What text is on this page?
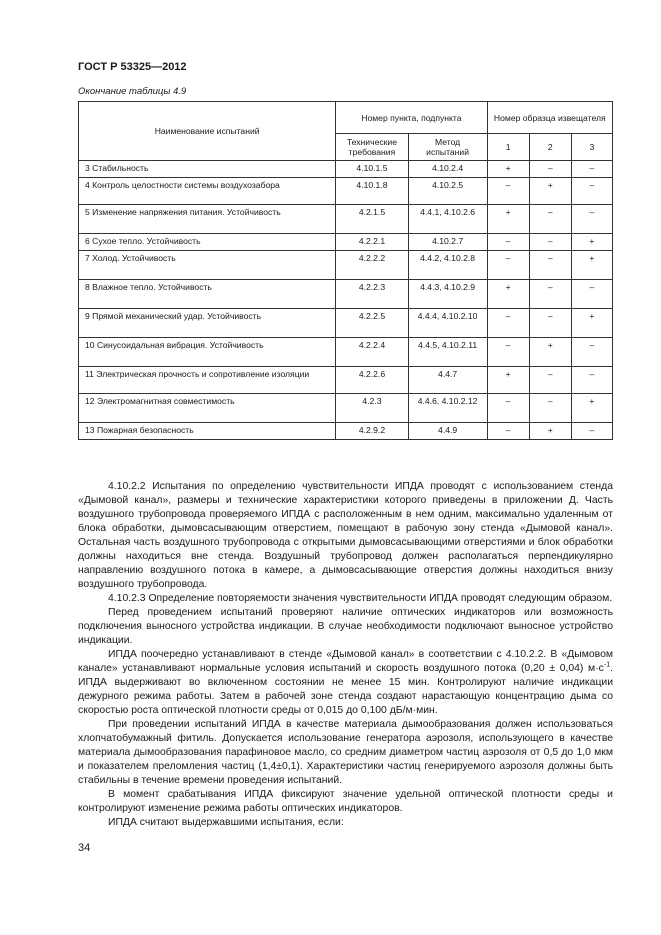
ГОСТ Р 53325—2012
Окончание таблицы 4.9
Наименование испытаний	Номер пункта, подпункта		Номер образца извещателя		
	Технические требования	Метод испытаний	1	2	3
3 Стабильность	4.10.1.5	4.10.2.4	+	–	–
4 Контроль целостности системы воздухозабора	4.10.1.8	4.10.2.5	–	+	–
5 Изменение напряжения питания. Устойчивость	4.2.1.5	4.4.1, 4.10.2.6	+	–	–
6 Сухое тепло. Устойчивость	4.2.2.1	4.10.2.7	–	–	+
7 Холод. Устойчивость	4.2.2.2	4.4.2, 4.10.2.8	–	–	+
8 Влажное тепло. Устойчивость	4.2.2.3	4.4.3, 4.10.2.9	+	–	–
9 Прямой механический удар. Устойчивость	4.2.2.5	4.4.4, 4.10.2.10	–	–	+
10 Синусоидальная вибрация. Устойчивость	4.2.2.4	4.4.5, 4.10.2.11	–	+	–
11 Электрическая прочность и сопротивление изоляции	4.2.2.6	4.4.7	+	–	–
12 Электромагнитная совместимость	4.2.3	4.4.6, 4.10.2.12	–	–	+
13 Пожарная безопасность	4.2.9.2	4.4.9	–	+	–

4.10.2.2 Испытания по определению чувствительности ИПДА проводят с использованием стенда «Дымовой канал», размеры и технические характеристики которого приведены в приложении Д. Часть воздушного трубопровода проверяемого ИПДА с расположенным в нем одним, максимально удаленным от блока обработки, дымовсасывающим отверстием, помещают в рабочую зону стенда «Дымовой канал». Остальная часть воздушного трубопровода с открытыми дымовсасывающими отверстиями и блок обработки должны находиться вне стенда. Воздушный трубопровод должен располагаться перпендикулярно направлению воздушного потока в камере, а дымовсасывающие отверстия должны находиться внизу воздушного трубопровода.

4.10.2.3 Определение повторяемости значения чувствительности ИПДА проводят следующим образом.

Перед проведением испытаний проверяют наличие оптических индикаторов или возможность подключения выносного устройства индикации. В случае необходимости подключают выносное устройство индикации.

ИПДА поочередно устанавливают в стенде «Дымовой канал» в соответствии с 4.10.2.2. В «Дымовом канале» устанавливают нормальные условия испытаний и скорость воздушного потока (0,20 ± 0,04) $м\cdot с^{-1}$. ИПДА выдерживают во включенном состоянии не менее 15 мин. Контролируют наличие индикации дежурного режима работы. Затем в рабочей зоне стенда создают нарастающую концентрацию дыма со скоростью роста оптической плотности среды от 0,015 до 0,100 дБ/м·мин.

При проведении испытаний ИПДА в качестве материала дымообразования должен использоваться хлопчатобумажный фитиль. Допускается использование генератора аэрозоля, использующего в качестве материала дымообразования парафиновое масло, со средним диаметром частиц аэрозоля от 0,5 до 1,0 мкм и показателем преломления частиц (1,4±0,1). Характеристики частиц генерируемого аэрозоля должны быть стабильны в течение времени проведения испытаний.

В момент срабатывания ИПДА фиксируют значение удельной оптической плотности среды и контролируют изменение режима работы оптических индикаторов.

ИПДА считают выдержавшими испытания, если:

34
